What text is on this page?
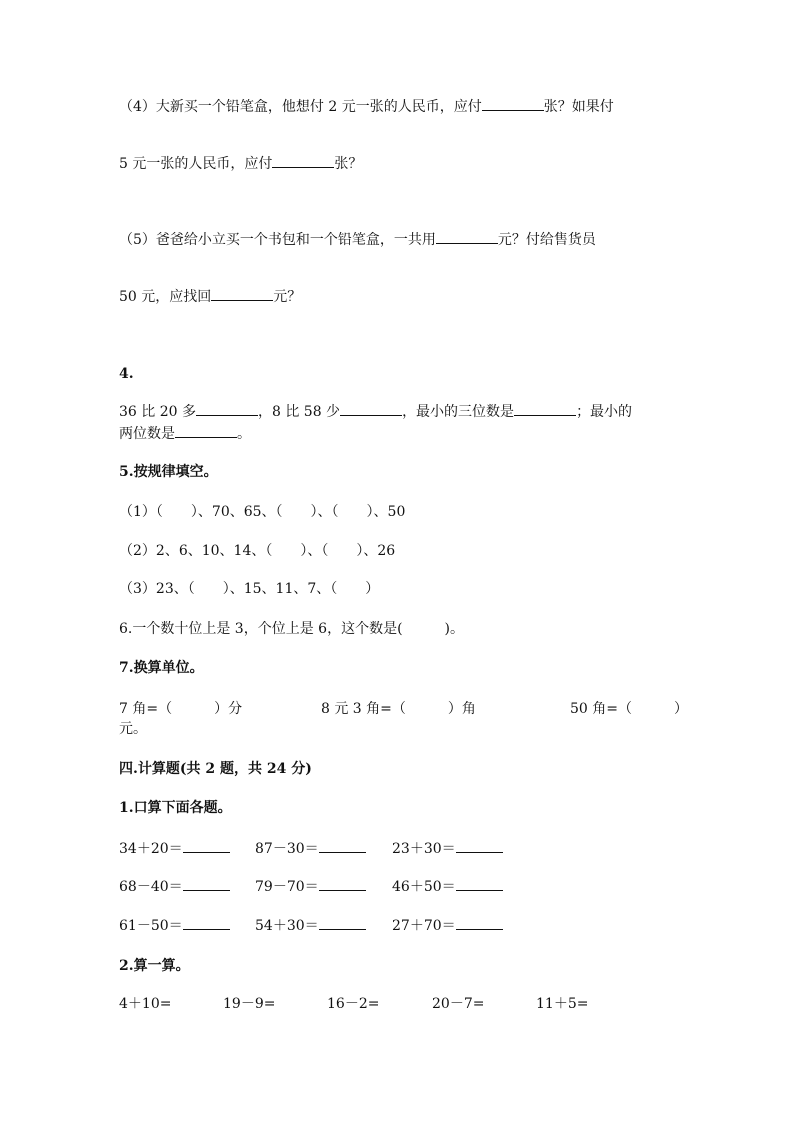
（4）大新买一个铅笔盒，他想付 2 元一张的人民币，应付	张？如果付
5 元一张的人民币，应付	张？
（5）爸爸给小立买一个书包和一个铅笔盒，一共用	元？付给售货员
50 元，应找回	元？
4.
36 比 20 多	，8 比 58 少	，最小的三位数是	；最小的
两位数是	。
5.按规律填空。
（1）（　　）、70、65、（　　）、（　　）、50
（2）2、6、10、14、（　　）、（　　）、26
（3）23、（　　）、15、11、7、（　　）
6.一个数十位上是 3，个位上是 6，这个数是(　　　)。
7.换算单位。
7 角=（　　　）分	8 元 3 角=（　　　）角	50 角=（　　　）
元。
四.计算题(共 2 题，共 24 分)
1.口算下面各题。
34＋20＝	87－30＝	23＋30＝
68－40＝	79－70＝	46＋50＝
61－50＝	54＋30＝	27＋70＝
2.算一算。
4＋10=	19－9=	16－2=	20－7=	11＋5=
